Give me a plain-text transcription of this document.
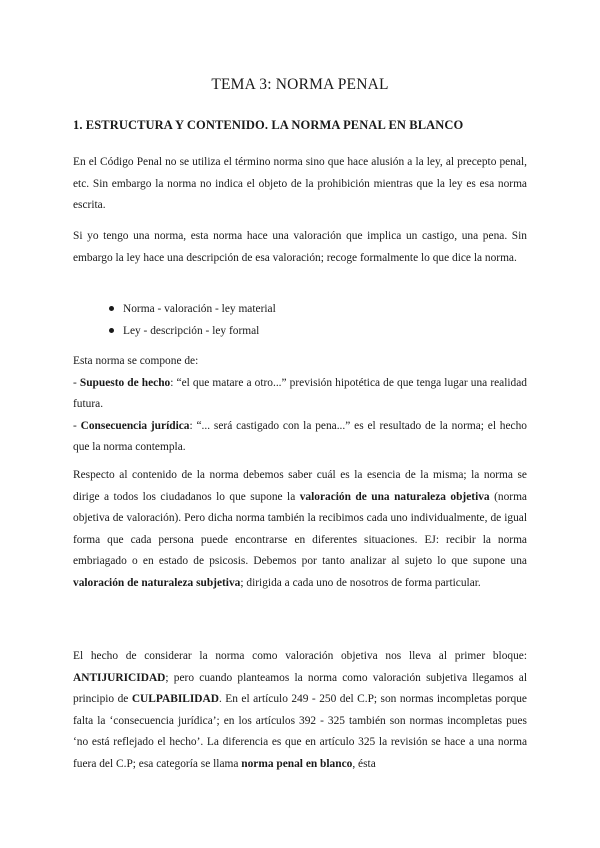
TEMA 3: NORMA PENAL
1. ESTRUCTURA Y CONTENIDO. LA NORMA PENAL EN BLANCO
En el Código Penal no se utiliza el término norma sino que hace alusión a la ley, al precepto penal, etc. Sin embargo la norma no indica el objeto de la prohibición mientras que la ley es esa norma escrita.
Si yo tengo una norma, esta norma hace una valoración que implica un castigo, una pena. Sin embargo la ley hace una descripción de esa valoración; recoge formalmente lo que dice la norma.
Norma - valoración - ley material
Ley - descripción - ley formal
Esta norma se compone de:
- Supuesto de hecho: “el que matare a otro...” previsión hipotética de que tenga lugar una realidad futura.
- Consecuencia jurídica: “... será castigado con la pena...” es el resultado de la norma; el hecho que la norma contempla.
Respecto al contenido de la norma debemos saber cuál es la esencia de la misma; la norma se dirige a todos los ciudadanos lo que supone la valoración de una naturaleza objetiva (norma objetiva de valoración). Pero dicha norma también la recibimos cada uno individualmente, de igual forma que cada persona puede encontrarse en diferentes situaciones. EJ: recibir la norma embriagado o en estado de psicosis. Debemos por tanto analizar al sujeto lo que supone una valoración de naturaleza subjetiva; dirigida a cada uno de nosotros de forma particular.
El hecho de considerar la norma como valoración objetiva nos lleva al primer bloque: ANTIJURICIDAD; pero cuando planteamos la norma como valoración subjetiva llegamos al principio de CULPABILIDAD. En el artículo 249 - 250 del C.P; son normas incompletas porque falta la ‘consecuencia jurídica’; en los artículos 392 - 325 también son normas incompletas pues ‘no está reflejado el hecho’. La diferencia es que en artículo 325 la revisión se hace a una norma fuera del C.P; esa categoría se llama norma penal en blanco, ésta
